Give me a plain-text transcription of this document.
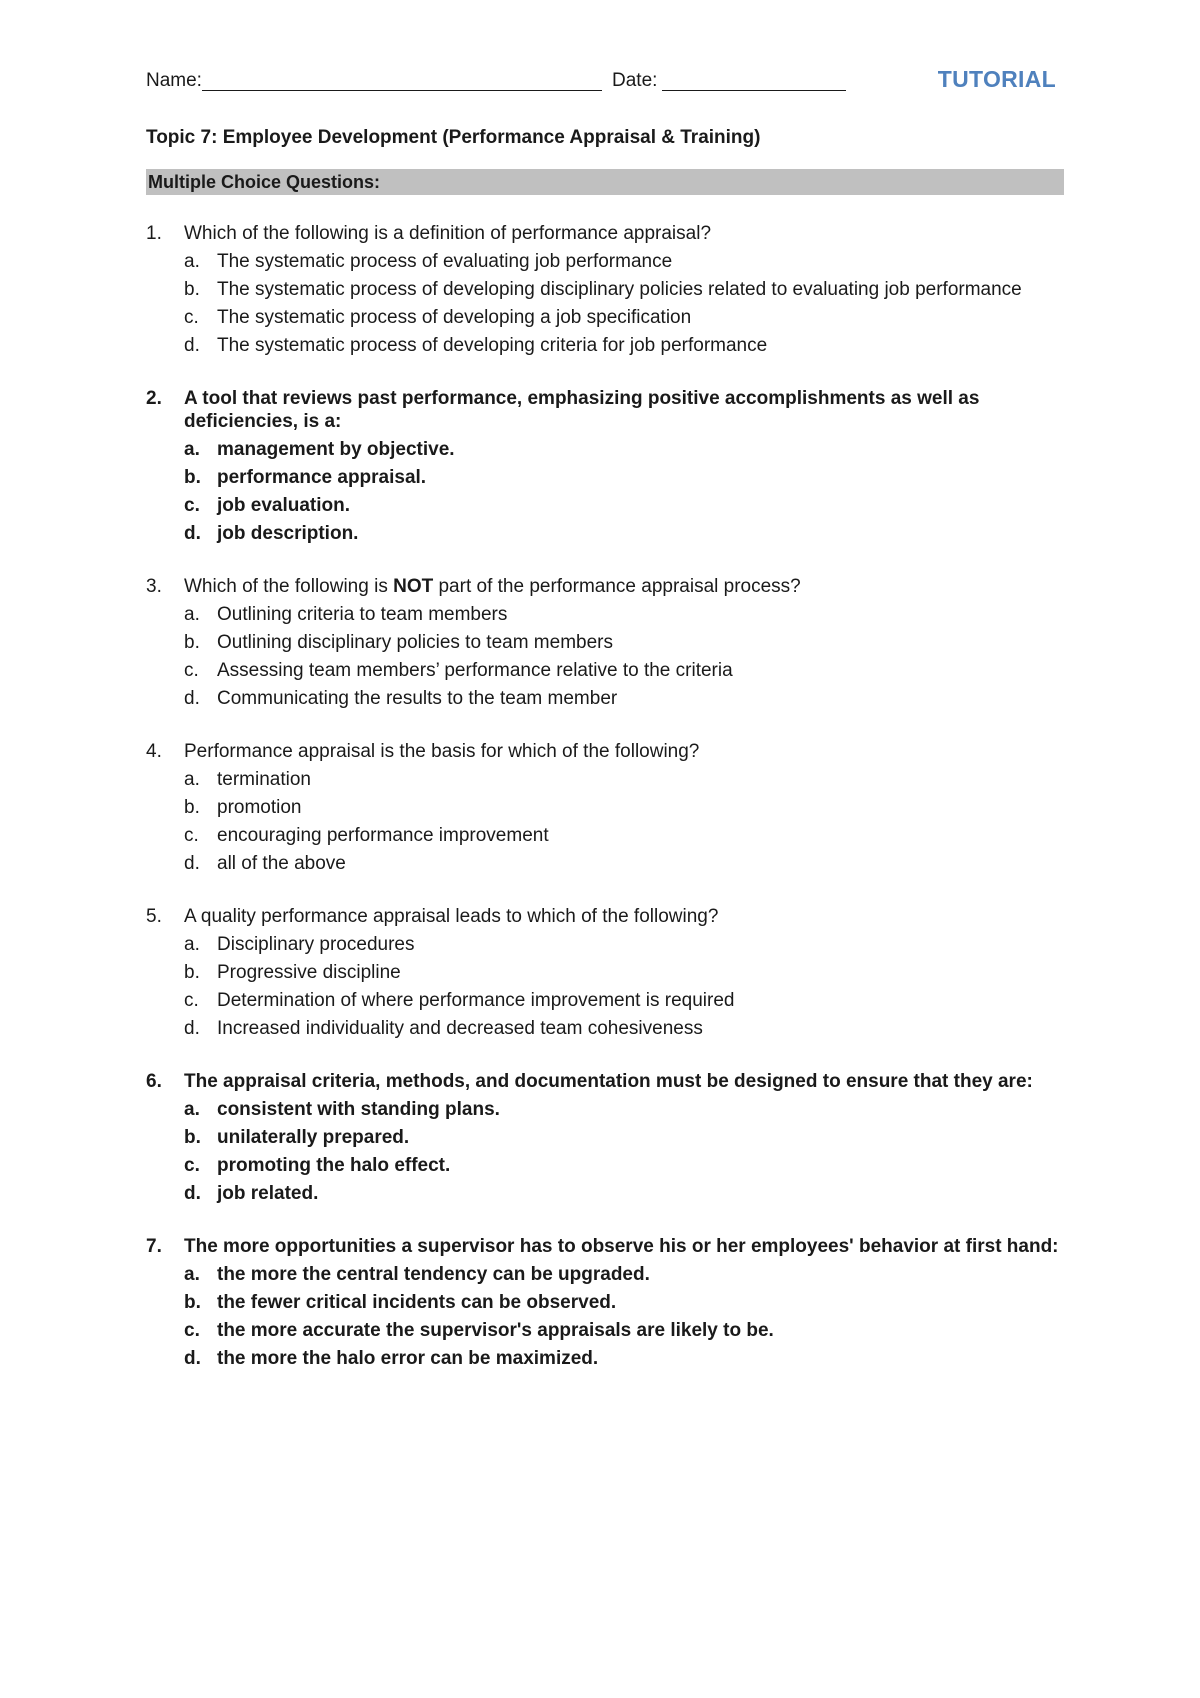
Name:	Date:	TUTORIAL
Topic 7: Employee Development (Performance Appraisal & Training)
Multiple Choice Questions:
1.	Which of the following is a definition of performance appraisal?
a. The systematic process of evaluating job performance
b. The systematic process of developing disciplinary policies related to evaluating job performance
c. The systematic process of developing a job specification
d. The systematic process of developing criteria for job performance
2.	A tool that reviews past performance, emphasizing positive accomplishments as well as deficiencies, is a:
a. management by objective.
b. performance appraisal.
c. job evaluation.
d. job description.
3.	Which of the following is NOT part of the performance appraisal process?
a. Outlining criteria to team members
b. Outlining disciplinary policies to team members
c. Assessing team members’ performance relative to the criteria
d. Communicating the results to the team member
4.	Performance appraisal is the basis for which of the following?
a. termination
b. promotion
c. encouraging performance improvement
d. all of the above
5.	A quality performance appraisal leads to which of the following?
a. Disciplinary procedures
b. Progressive discipline
c. Determination of where performance improvement is required
d. Increased individuality and decreased team cohesiveness
6.	The appraisal criteria, methods, and documentation must be designed to ensure that they are:
a. consistent with standing plans.
b. unilaterally prepared.
c. promoting the halo effect.
d. job related.
7.	The more opportunities a supervisor has to observe his or her employees' behavior at first hand:
a. the more the central tendency can be upgraded.
b. the fewer critical incidents can be observed.
c. the more accurate the supervisor's appraisals are likely to be.
d. the more the halo error can be maximized.
